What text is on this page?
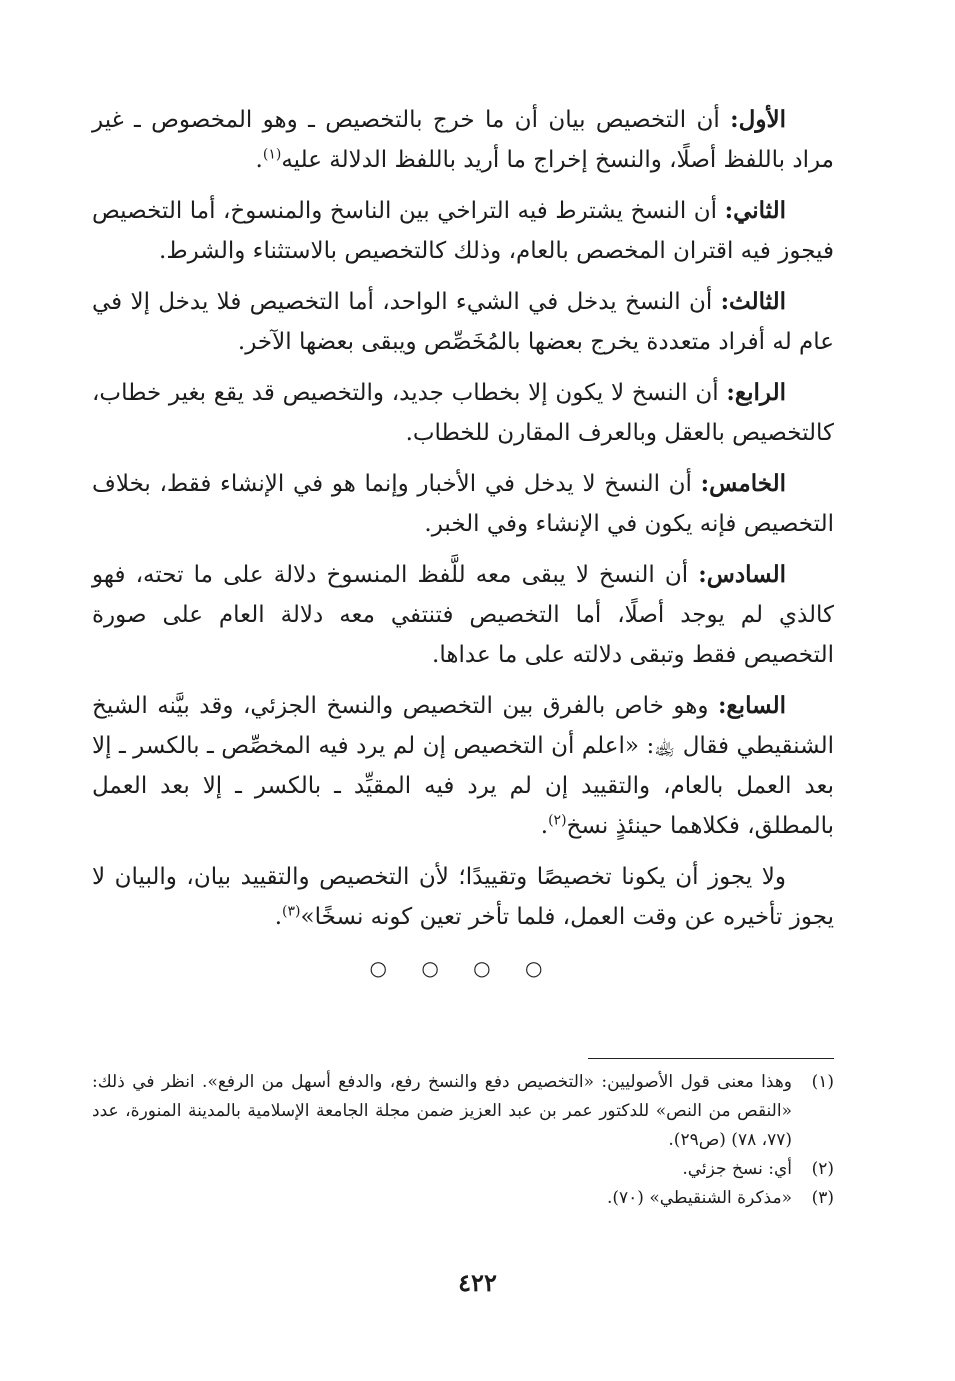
الأول: أن التخصيص بيان أن ما خرج بالتخصيص ـ وهو المخصوص ـ غير مراد باللفظ أصلًا، والنسخ إخراج ما أريد باللفظ الدلالة عليه$^{(١)}$.

الثاني: أن النسخ يشترط فيه التراخي بين الناسخ والمنسوخ، أما التخصيص فيجوز فيه اقتران المخصص بالعام، وذلك كالتخصيص بالاستثناء والشرط.

الثالث: أن النسخ يدخل في الشيء الواحد، أما التخصيص فلا يدخل إلا في عام له أفراد متعددة يخرج بعضها بالمُخَصِّص ويبقى بعضها الآخر.

الرابع: أن النسخ لا يكون إلا بخطاب جديد، والتخصيص قد يقع بغير خطاب، كالتخصيص بالعقل وبالعرف المقارن للخطاب.

الخامس: أن النسخ لا يدخل في الأخبار وإنما هو في الإنشاء فقط، بخلاف التخصيص فإنه يكون في الإنشاء وفي الخبر.

السادس: أن النسخ لا يبقى معه للَّفظ المنسوخ دلالة على ما تحته، فهو كالذي لم يوجد أصلًا، أما التخصيص فتنتفي معه دلالة العام على صورة التخصيص فقط وتبقى دلالته على ما عداها.

السابع: وهو خاص بالفرق بين التخصيص والنسخ الجزئي، وقد بيَّنه الشيخ الشنقيطي فقال ﵀: «اعلم أن التخصيص إن لم يرد فيه المخصِّص ـ بالكسر ـ إلا بعد العمل بالعام، والتقييد إن لم يرد فيه المقيِّد ـ بالكسر ـ إلا بعد العمل بالمطلق، فكلاهما حينئذٍ نسخ$^{(٢)}$.

ولا يجوز أن يكونا تخصيصًا وتقييدًا؛ لأن التخصيص والتقييد بيان، والبيان لا يجوز تأخيره عن وقت العمل، فلما تأخر تعين كونه نسخًا»$^{(٣)}$.

○ ○ ○ ○
(١)
وهذا معنى قول الأصوليين: «التخصيص دفع والنسخ رفع، والدفع أسهل من الرفع». انظر في ذلك: «النقص من النص» للدكتور عمر بن عبد العزيز ضمن مجلة الجامعة الإسلامية بالمدينة المنورة، عدد (٧٧، ٧٨) (ص٢٩).
(٢)
أي: نسخ جزئي.
(٣)
«مذكرة الشنقيطي» (٧٠).
٤٢٢
